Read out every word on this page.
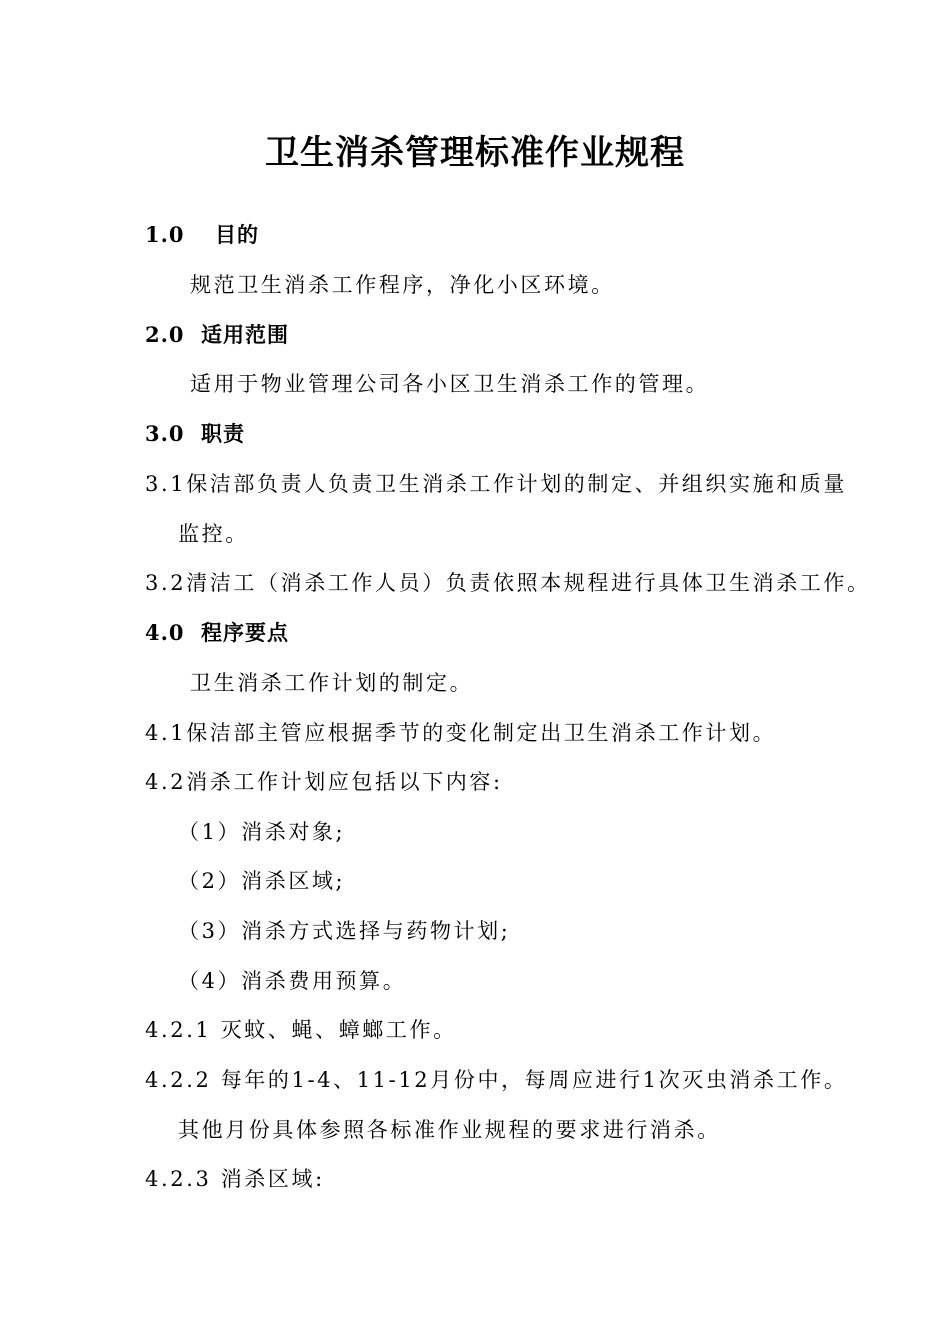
卫生消杀管理标准作业规程
1.0 目的
规范卫生消杀工作程序，净化小区环境。
2.0 适用范围
适用于物业管理公司各小区卫生消杀工作的管理。
3.0 职责
3.1保洁部负责人负责卫生消杀工作计划的制定、并组织实施和质量
监控。
3.2清洁工（消杀工作人员）负责依照本规程进行具体卫生消杀工作。
4.0 程序要点
卫生消杀工作计划的制定。
4.1保洁部主管应根据季节的变化制定出卫生消杀工作计划。
4.2消杀工作计划应包括以下内容:
（1）消杀对象;
（2）消杀区域;
（3）消杀方式选择与药物计划;
（4）消杀费用预算。
4.2.1 灭蚊、蝇、蟑螂工作。
4.2.2 每年的1-4、11-12月份中，每周应进行1次灭虫消杀工作。
其他月份具体参照各标准作业规程的要求进行消杀。
4.2.3 消杀区域:
